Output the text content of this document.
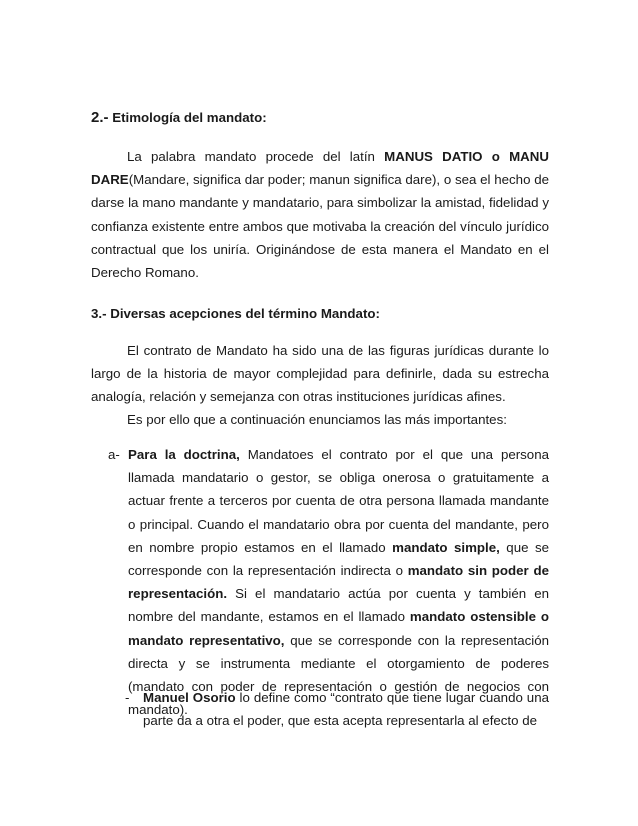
2.- Etimología del mandato:

La palabra mandato procede del latín MANUS DATIO o MANU DARE(Mandare, significa dar poder; manun significa dare), o sea el hecho de darse la mano mandante y mandatario, para simbolizar la amistad, fidelidad y confianza existente entre ambos que motivaba la creación del vínculo jurídico contractual que los uniría. Originándose de esta manera el Mandato en el Derecho Romano.

3.- Diversas acepciones del término Mandato:

El contrato de Mandato ha sido una de las figuras jurídicas durante lo largo de la historia de mayor complejidad para definirle, dada su estrecha analogía, relación y semejanza con otras instituciones jurídicas afines.

Es por ello que a continuación enunciamos las más importantes:

a- Para la doctrina, Mandatoes el contrato por el que una persona llamada mandatario o gestor, se obliga onerosa o gratuitamente a actuar frente a terceros por cuenta de otra persona llamada mandante o principal. Cuando el mandatario obra por cuenta del mandante, pero en nombre propio estamos en el llamado mandato simple, que se corresponde con la representación indirecta o mandato sin poder de representación. Si el mandatario actúa por cuenta y también en nombre del mandante, estamos en el llamado mandato ostensible o mandato representativo, que se corresponde con la representación directa y se instrumenta mediante el otorgamiento de poderes (mandato con poder de representación o gestión de negocios con mandato).

- Manuel Osorio lo define como “contrato que tiene lugar cuando una parte da a otra el poder, que esta acepta representarla al efecto de
